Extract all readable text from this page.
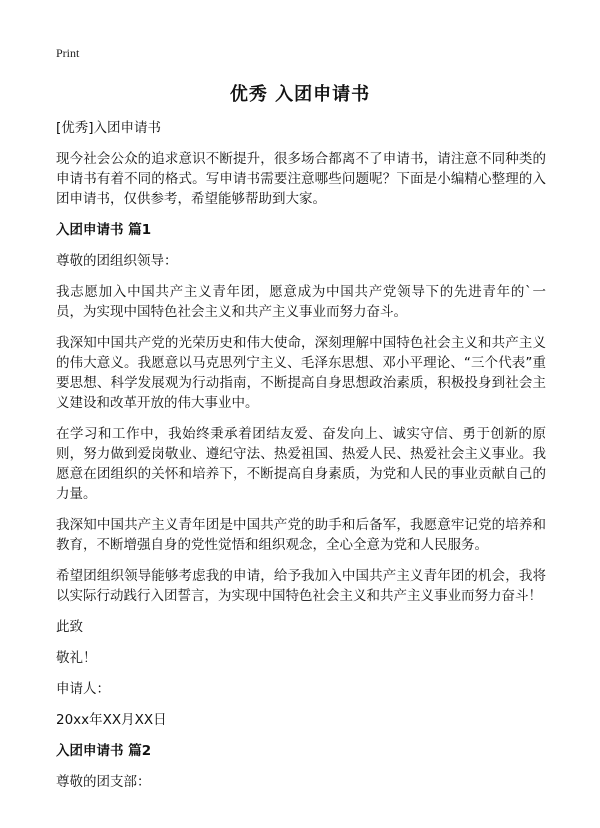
Print
优秀 入团申请书

[优秀]入团申请书

现今社会公众的追求意识不断提升，很多场合都离不了申请书，请注意不同种类的申请书有着不同的格式。写申请书需要注意哪些问题呢？下面是小编精心整理的入团申请书，仅供参考，希望能够帮助到大家。

入团申请书 篇1

尊敬的团组织领导：

我志愿加入中国共产主义青年团，愿意成为中国共产党领导下的先进青年的`一员，为实现中国特色社会主义和共产主义事业而努力奋斗。

我深知中国共产党的光荣历史和伟大使命，深刻理解中国特色社会主义和共产主义的伟大意义。我愿意以马克思列宁主义、毛泽东思想、邓小平理论、“三个代表”重要思想、科学发展观为行动指南，不断提高自身思想政治素质，积极投身到社会主义建设和改革开放的伟大事业中。

在学习和工作中，我始终秉承着团结友爱、奋发向上、诚实守信、勇于创新的原则，努力做到爱岗敬业、遵纪守法、热爱祖国、热爱人民、热爱社会主义事业。我愿意在团组织的关怀和培养下，不断提高自身素质，为党和人民的事业贡献自己的力量。

我深知中国共产主义青年团是中国共产党的助手和后备军，我愿意牢记党的培养和教育，不断增强自身的党性觉悟和组织观念，全心全意为党和人民服务。

希望团组织领导能够考虑我的申请，给予我加入中国共产主义青年团的机会，我将以实际行动践行入团誓言，为实现中国特色社会主义和共产主义事业而努力奋斗！

此致

敬礼！

申请人：

20xx年XX月XX日

入团申请书 篇2

尊敬的团支部：
